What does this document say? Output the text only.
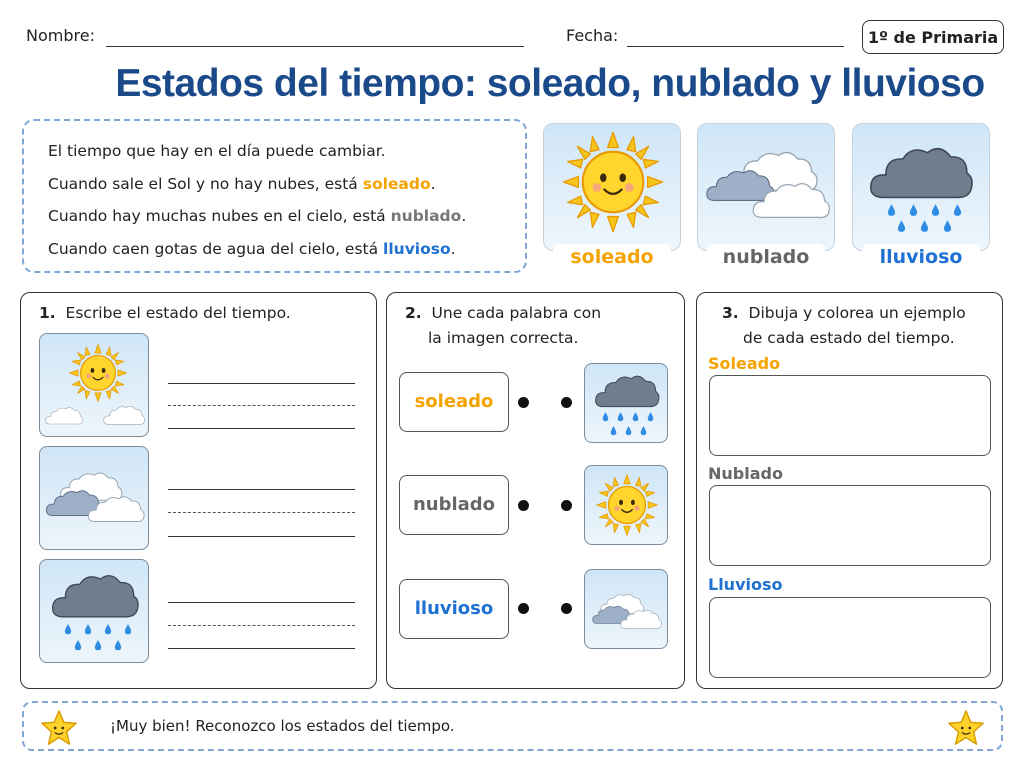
Nombre:	Fecha:	1º de Primaria
Estados del tiempo: soleado, nublado y lluvioso

El tiempo que hay en el día puede cambiar.

Cuando sale el Sol y no hay nubes, está soleado.

Cuando hay muchas nubes en el cielo, está nublado.

Cuando caen gotas de agua del cielo, está lluvioso.	soleado	nublado	lluvioso
1. Escribe el estado del tiempo.	2. Une cada palabra con
la imagen correcta.
soleado
nublado
lluvioso
3. Dibuja y colorea un ejemplo
de cada estado del tiempo.
Soleado
Nublado
Lluvioso
¡Muy bien! Reconozco los estados del tiempo.
